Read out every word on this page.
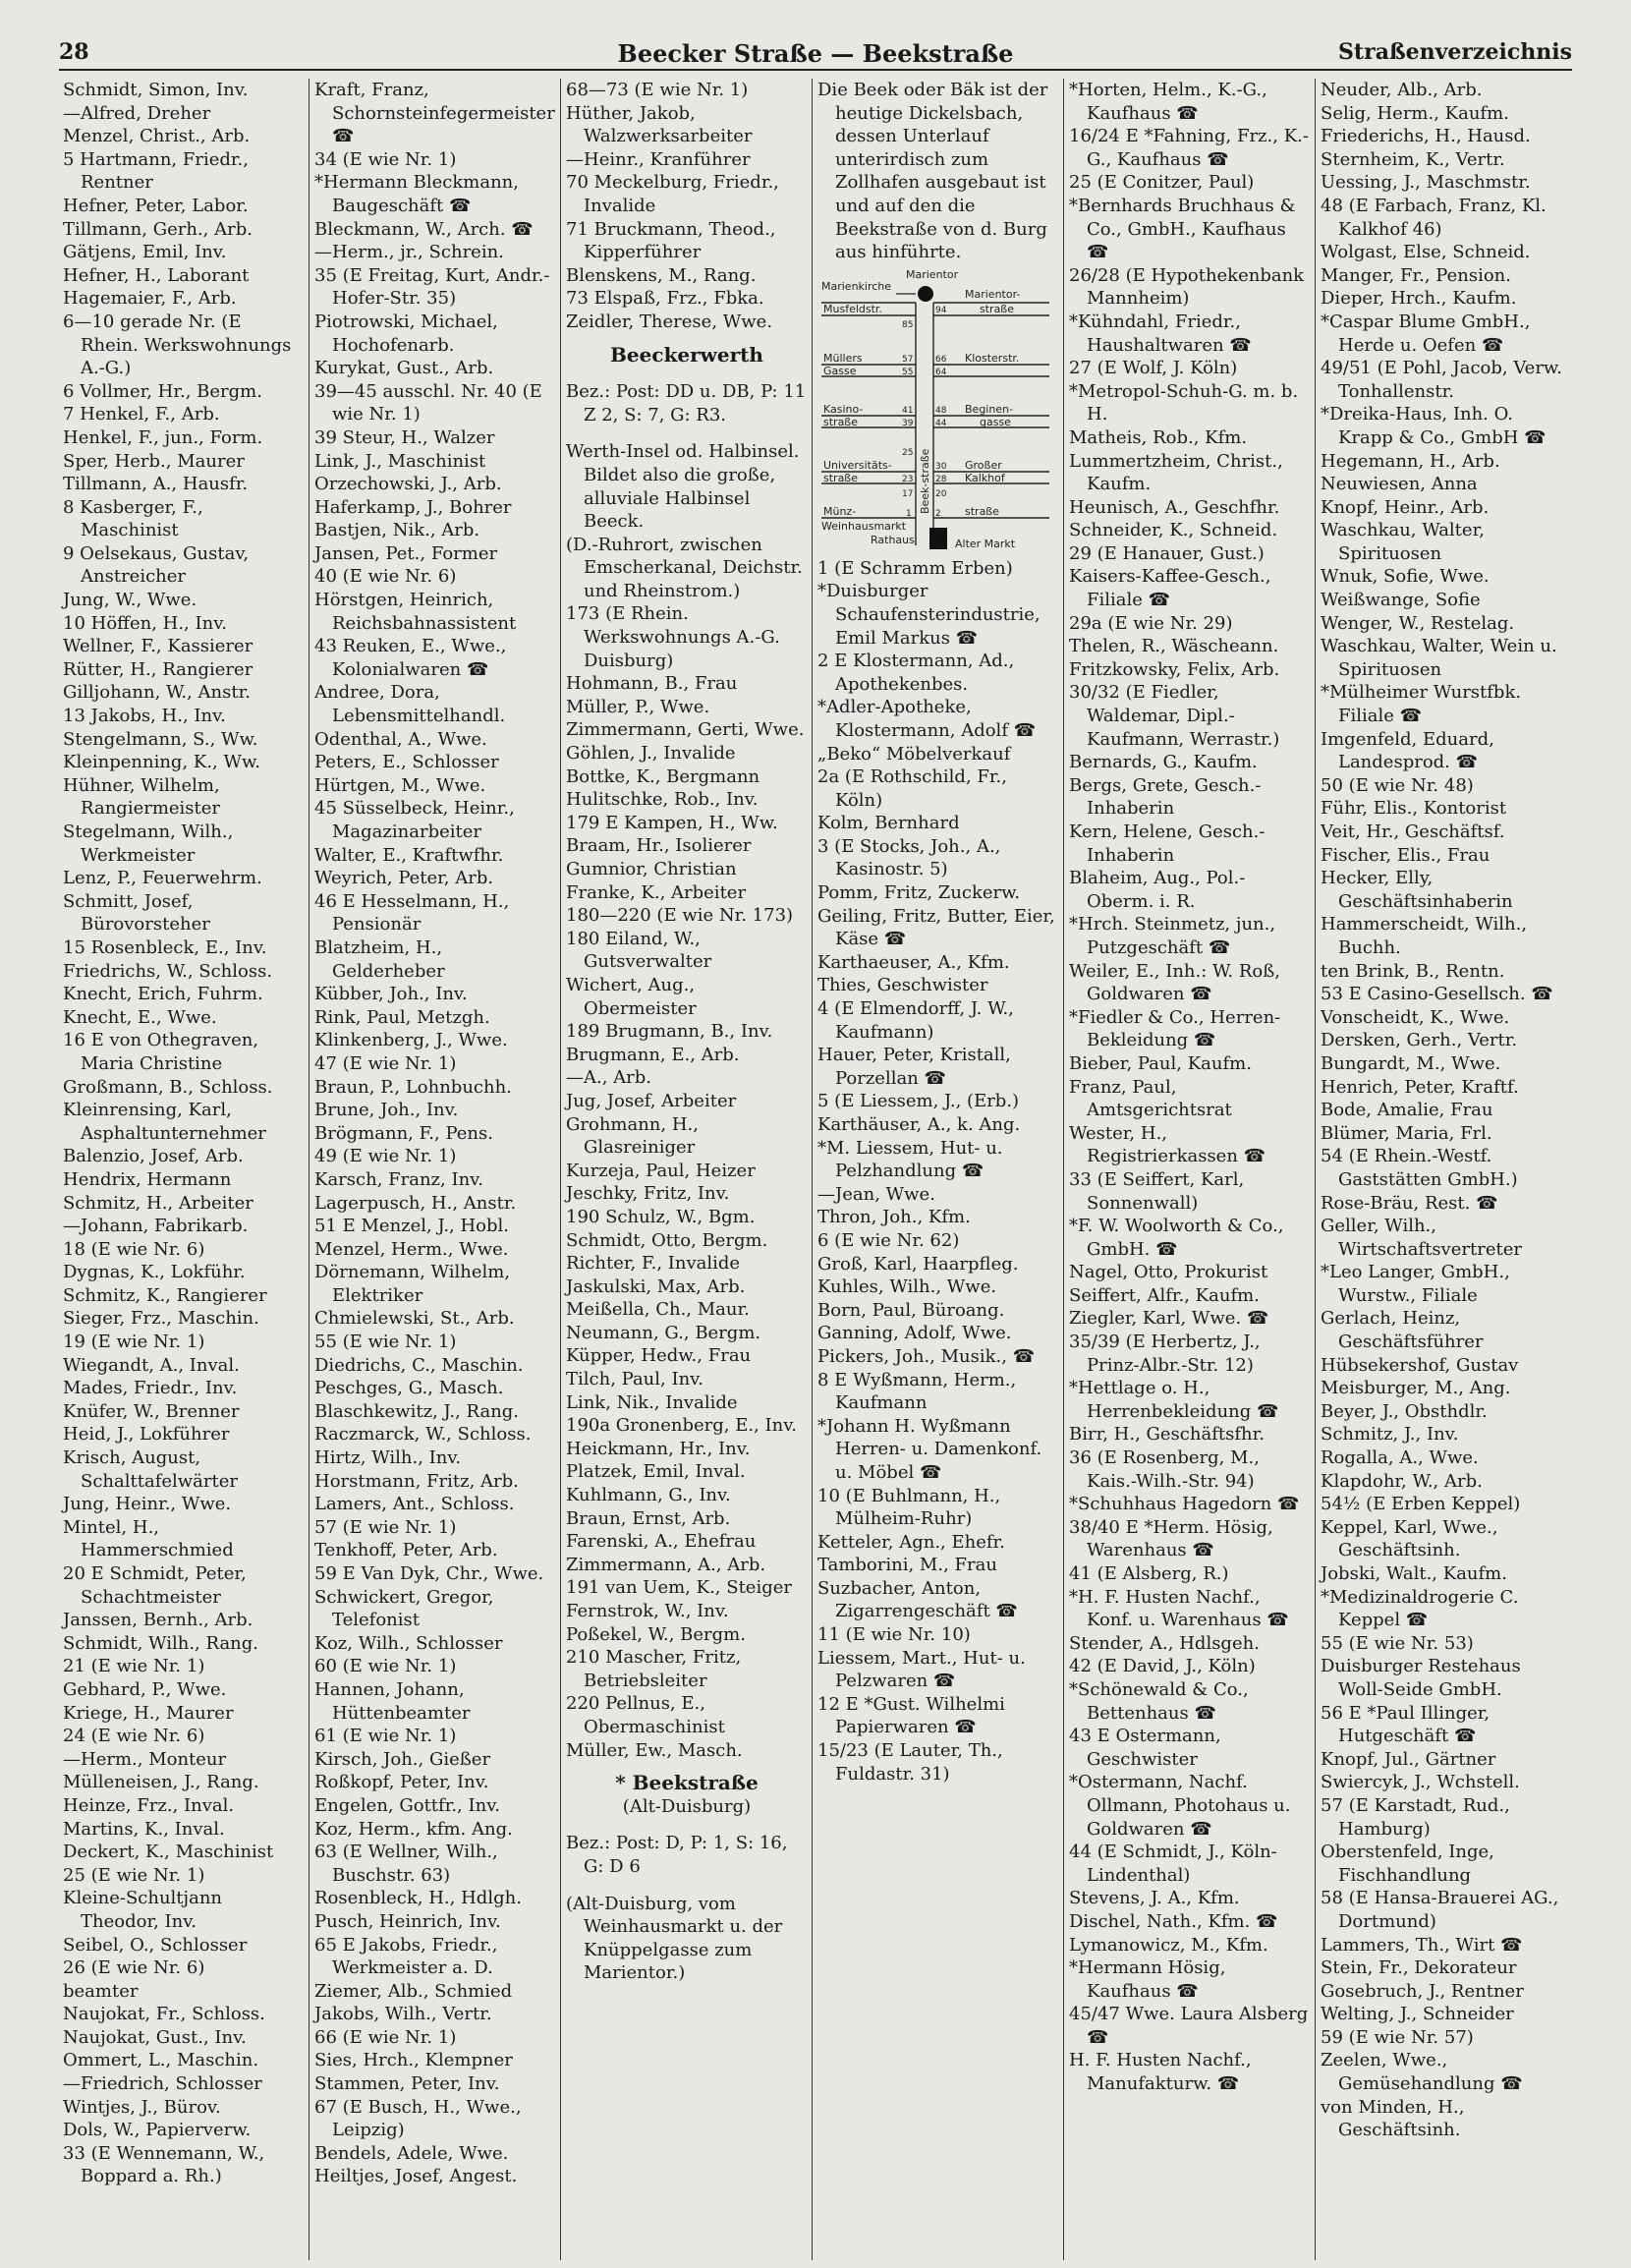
Beecker Straße — Beekstraße
28	Straßenverzeichnis

Schmidt, Simon, Inv.

—Alfred, Dreher

Menzel, Christ., Arb.

5 Hartmann, Friedr., Rentner

Hefner, Peter, Labor.

Tillmann, Gerh., Arb.

Gätjens, Emil, Inv.

Hefner, H., Laborant

Hagemaier, F., Arb.

6—10 gerade Nr. (E Rhein. Werkswohnungs A.-G.)

6 Vollmer, Hr., Bergm.

7 Henkel, F., Arb.

Henkel, F., jun., Form.

Sper, Herb., Maurer

Tillmann, A., Hausfr.

8 Kasberger, F., Maschinist

9 Oelsekaus, Gustav, Anstreicher

Jung, W., Wwe.

10 Höffen, H., Inv.

Wellner, F., Kassierer

Rütter, H., Rangierer

Gilljohann, W., Anstr.

13 Jakobs, H., Inv.

Stengelmann, S., Ww.

Kleinpenning, K., Ww.

Hühner, Wilhelm, Rangiermeister

Stegelmann, Wilh., Werkmeister

Lenz, P., Feuerwehrm.

Schmitt, Josef, Bürovorsteher

15 Rosenbleck, E., Inv.

Friedrichs, W., Schloss.

Knecht, Erich, Fuhrm.

Knecht, E., Wwe.

16 E von Othegraven, Maria Christine

Großmann, B., Schloss.

Kleinrensing, Karl, Asphaltunternehmer

Balenzio, Josef, Arb.

Hendrix, Hermann

Schmitz, H., Arbeiter

—Johann, Fabrikarb.

18 (E wie Nr. 6)

Dygnas, K., Lokführ.

Schmitz, K., Rangierer

Sieger, Frz., Maschin.

19 (E wie Nr. 1)

Wiegandt, A., Inval.

Mades, Friedr., Inv.

Knüfer, W., Brenner

Heid, J., Lokführer

Krisch, August, Schalttafelwärter

Jung, Heinr., Wwe.

Mintel, H., Hammerschmied

20 E Schmidt, Peter, Schachtmeister

Janssen, Bernh., Arb.

Schmidt, Wilh., Rang.

21 (E wie Nr. 1)

Gebhard, P., Wwe.

Kriege, H., Maurer

24 (E wie Nr. 6)

—Herm., Monteur

Mülleneisen, J., Rang.

Heinze, Frz., Inval.

Martins, K., Inval.

Deckert, K., Maschinist

25 (E wie Nr. 1)

Kleine-Schultjann Theodor, Inv.

Seibel, O., Schlosser

26 (E wie Nr. 6)

beamter

Naujokat, Fr., Schloss.

Naujokat, Gust., Inv.

Ommert, L., Maschin.

—Friedrich, Schlosser

Wintjes, J., Bürov.

Dols, W., Papierverw.

33 (E Wennemann, W., Boppard a. Rh.)

Kraft, Franz, Schornsteinfegermeister ☎

34 (E wie Nr. 1)

*Hermann Bleckmann, Baugeschäft ☎

Bleckmann, W., Arch. ☎

—Herm., jr., Schrein.

35 (E Freitag, Kurt, Andr.-Hofer-Str. 35)

Piotrowski, Michael, Hochofenarb.

Kurykat, Gust., Arb.

39—45 ausschl. Nr. 40 (E wie Nr. 1)

39 Steur, H., Walzer

Link, J., Maschinist

Orzechowski, J., Arb.

Haferkamp, J., Bohrer

Bastjen, Nik., Arb.

Jansen, Pet., Former

40 (E wie Nr. 6)

Hörstgen, Heinrich, Reichsbahnassistent

43 Reuken, E., Wwe., Kolonialwaren ☎

Andree, Dora, Lebensmittelhandl.

Odenthal, A., Wwe.

Peters, E., Schlosser

Hürtgen, M., Wwe.

45 Süsselbeck, Heinr., Magazinarbeiter

Walter, E., Kraftwfhr.

Weyrich, Peter, Arb.

46 E Hesselmann, H., Pensionär

Blatzheim, H., Gelderheber

Kübber, Joh., Inv.

Rink, Paul, Metzgh.

Klinkenberg, J., Wwe.

47 (E wie Nr. 1)

Braun, P., Lohnbuchh.

Brune, Joh., Inv.

Brögmann, F., Pens.

49 (E wie Nr. 1)

Karsch, Franz, Inv.

Lagerpusch, H., Anstr.

51 E Menzel, J., Hobl.

Menzel, Herm., Wwe.

Dörnemann, Wilhelm, Elektriker

Chmielewski, St., Arb.

55 (E wie Nr. 1)

Diedrichs, C., Maschin.

Peschges, G., Masch.

Blaschkewitz, J., Rang.

Raczmarck, W., Schloss.

Hirtz, Wilh., Inv.

Horstmann, Fritz, Arb.

Lamers, Ant., Schloss.

57 (E wie Nr. 1)

Tenkhoff, Peter, Arb.

59 E Van Dyk, Chr., Wwe.

Schwickert, Gregor, Telefonist

Koz, Wilh., Schlosser

60 (E wie Nr. 1)

Hannen, Johann, Hüttenbeamter

61 (E wie Nr. 1)

Kirsch, Joh., Gießer

Roßkopf, Peter, Inv.

Engelen, Gottfr., Inv.

Koz, Herm., kfm. Ang.

63 (E Wellner, Wilh., Buschstr. 63)

Rosenbleck, H., Hdlgh.

Pusch, Heinrich, Inv.

65 E Jakobs, Friedr., Werkmeister a. D.

Ziemer, Alb., Schmied

Jakobs, Wilh., Vertr.

66 (E wie Nr. 1)

Sies, Hrch., Klempner

Stammen, Peter, Inv.

67 (E Busch, H., Wwe., Leipzig)

Bendels, Adele, Wwe.

Heiltjes, Josef, Angest.

68—73 (E wie Nr. 1)

Hüther, Jakob, Walzwerksarbeiter

—Heinr., Kranführer

70 Meckelburg, Friedr., Invalide

71 Bruckmann, Theod., Kipperführer

Blenskens, M., Rang.

73 Elspaß, Frz., Fbka.

Zeidler, Therese, Wwe.

Beeckerwerth

Bez.: Post: DD u. DB, P: 11 Z 2, S: 7, G: R3.

Werth-Insel od. Halbinsel. Bildet also die große, alluviale Halbinsel Beeck.

(D.-Ruhrort, zwischen Emscherkanal, Deichstr. und Rheinstrom.)

173 (E Rhein. Werkswohnungs A.-G. Duisburg)

Hohmann, B., Frau

Müller, P., Wwe.

Zimmermann, Gerti, Wwe.

Göhlen, J., Invalide

Bottke, K., Bergmann

Hulitschke, Rob., Inv.

179 E Kampen, H., Ww.

Braam, Hr., Isolierer

Gumnior, Christian

Franke, K., Arbeiter

180—220 (E wie Nr. 173)

180 Eiland, W., Gutsverwalter

Wichert, Aug., Obermeister

189 Brugmann, B., Inv.

Brugmann, E., Arb.

—A., Arb.

Jug, Josef, Arbeiter

Grohmann, H., Glasreiniger

Kurzeja, Paul, Heizer

Jeschky, Fritz, Inv.

190 Schulz, W., Bgm.

Schmidt, Otto, Bergm.

Richter, F., Invalide

Jaskulski, Max, Arb.

Meißella, Ch., Maur.

Neumann, G., Bergm.

Küpper, Hedw., Frau

Tilch, Paul, Inv.

Link, Nik., Invalide

190a Gronenberg, E., Inv.

Heickmann, Hr., Inv.

Platzek, Emil, Inval.

Kuhlmann, G., Inv.

Braun, Ernst, Arb.

Farenski, A., Ehefrau

Zimmermann, A., Arb.

191 van Uem, K., Steiger

Fernstrok, W., Inv.

Poßekel, W., Bergm.

210 Mascher, Fritz, Betriebsleiter

220 Pellnus, E., Obermaschinist

Müller, Ew., Masch.

* Beekstraße

(Alt-Duisburg)

Bez.: Post: D, P: 1, S: 16, G: D 6

(Alt-Duisburg, vom Weinhausmarkt u. der Knüppelgasse zum Marientor.)

Die Beek oder Bäk ist der heutige Dickelsbach, dessen Unterlauf unterirdisch zum Zollhafen ausgebaut ist und auf den die Beekstraße von d. Burg aus hinführte.

Marientor
Marienkirche
Marientor-
straße
Musfeldstr.
Müllers
Gasse
Klosterstr.
Kasino-
straße
Beginen-
gasse
Universitäts-
straße
Großer
Kalkhof
Münz-	straße
Beek-straße
Weinhausmarkt
Rathaus	Alter Markt
85
94
57	66
55	64
41	48
39	44
25
30
23	28
17	20
1	2

1 (E Schramm Erben)

*Duisburger Schaufensterindustrie, Emil Markus ☎

2 E Klostermann, Ad., Apothekenbes.

*Adler-Apotheke, Klostermann, Adolf ☎

„Beko“ Möbelverkauf

2a (E Rothschild, Fr., Köln)

Kolm, Bernhard

3 (E Stocks, Joh., A., Kasinostr. 5)

Pomm, Fritz, Zuckerw.

Geiling, Fritz, Butter, Eier, Käse ☎

Karthaeuser, A., Kfm.

Thies, Geschwister

4 (E Elmendorff, J. W., Kaufmann)

Hauer, Peter, Kristall, Porzellan ☎

5 (E Liessem, J., (Erb.)

Karthäuser, A., k. Ang.

*M. Liessem, Hut- u. Pelzhandlung ☎

—Jean, Wwe.

Thron, Joh., Kfm.

6 (E wie Nr. 62)

Groß, Karl, Haarpfleg.

Kuhles, Wilh., Wwe.

Born, Paul, Büroang.

Ganning, Adolf, Wwe.

Pickers, Joh., Musik., ☎

8 E Wyßmann, Herm., Kaufmann

*Johann H. Wyßmann Herren- u. Damenkonf. u. Möbel ☎

10 (E Buhlmann, H., Mülheim-Ruhr)

Ketteler, Agn., Ehefr.

Tamborini, M., Frau

Suzbacher, Anton, Zigarrengeschäft ☎

11 (E wie Nr. 10)

Liessem, Mart., Hut- u. Pelzwaren ☎

12 E *Gust. Wilhelmi Papierwaren ☎

15/23 (E Lauter, Th., Fuldastr. 31)

*Horten, Helm., K.-G., Kaufhaus ☎

16/24 E *Fahning, Frz., K.-G., Kaufhaus ☎

25 (E Conitzer, Paul)

*Bernhards Bruchhaus & Co., GmbH., Kaufhaus ☎

26/28 (E Hypothekenbank Mannheim)

*Kühndahl, Friedr., Haushaltwaren ☎

27 (E Wolf, J. Köln)

*Metropol-Schuh-G. m. b. H.

Matheis, Rob., Kfm.

Lummertzheim, Christ., Kaufm.

Heunisch, A., Geschfhr.

Schneider, K., Schneid.

29 (E Hanauer, Gust.)

Kaisers-Kaffee-Gesch., Filiale ☎

29a (E wie Nr. 29)

Thelen, R., Wäscheann.

Fritzkowsky, Felix, Arb.

30/32 (E Fiedler, Waldemar, Dipl.-Kaufmann, Werrastr.)

Bernards, G., Kaufm.

Bergs, Grete, Gesch.-Inhaberin

Kern, Helene, Gesch.-Inhaberin

Blaheim, Aug., Pol.-Oberm. i. R.

*Hrch. Steinmetz, jun., Putzgeschäft ☎

Weiler, E., Inh.: W. Roß, Goldwaren ☎

*Fiedler & Co., Herren-Bekleidung ☎

Bieber, Paul, Kaufm.

Franz, Paul, Amtsgerichtsrat

Wester, H., Registrierkassen ☎

33 (E Seiffert, Karl, Sonnenwall)

*F. W. Woolworth & Co., GmbH. ☎

Nagel, Otto, Prokurist

Seiffert, Alfr., Kaufm.

Ziegler, Karl, Wwe. ☎

35/39 (E Herbertz, J., Prinz-Albr.-Str. 12)

*Hettlage o. H., Herrenbekleidung ☎

Birr, H., Geschäftsfhr.

36 (E Rosenberg, M., Kais.-Wilh.-Str. 94)

*Schuhhaus Hagedorn ☎

38/40 E *Herm. Hösig, Warenhaus ☎

41 (E Alsberg, R.)

*H. F. Husten Nachf., Konf. u. Warenhaus ☎

Stender, A., Hdlsgeh.

42 (E David, J., Köln)

*Schönewald & Co., Bettenhaus ☎

43 E Ostermann, Geschwister

*Ostermann, Nachf. Ollmann, Photohaus u. Goldwaren ☎

44 (E Schmidt, J., Köln-Lindenthal)

Stevens, J. A., Kfm.

Dischel, Nath., Kfm. ☎

Lymanowicz, M., Kfm.

*Hermann Hösig, Kaufhaus ☎

45/47 Wwe. Laura Alsberg ☎

H. F. Husten Nachf., Manufakturw. ☎

Neuder, Alb., Arb.

Selig, Herm., Kaufm.

Friederichs, H., Hausd.

Sternheim, K., Vertr.

Uessing, J., Maschmstr.

48 (E Farbach, Franz, Kl. Kalkhof 46)

Wolgast, Else, Schneid.

Manger, Fr., Pension.

Dieper, Hrch., Kaufm.

*Caspar Blume GmbH., Herde u. Oefen ☎

49/51 (E Pohl, Jacob, Verw. Tonhallenstr.

*Dreika-Haus, Inh. O. Krapp & Co., GmbH ☎

Hegemann, H., Arb.

Neuwiesen, Anna

Knopf, Heinr., Arb.

Waschkau, Walter, Spirituosen

Wnuk, Sofie, Wwe.

Weißwange, Sofie

Wenger, W., Restelag.

Waschkau, Walter, Wein u. Spirituosen

*Mülheimer Wurstfbk. Filiale ☎

Imgenfeld, Eduard, Landesprod. ☎

50 (E wie Nr. 48)

Führ, Elis., Kontorist

Veit, Hr., Geschäftsf.

Fischer, Elis., Frau

Hecker, Elly, Geschäftsinhaberin

Hammerscheidt, Wilh., Buchh.

ten Brink, B., Rentn.

53 E Casino-Gesellsch. ☎

Vonscheidt, K., Wwe.

Dersken, Gerh., Vertr.

Bungardt, M., Wwe.

Henrich, Peter, Kraftf.

Bode, Amalie, Frau

Blümer, Maria, Frl.

54 (E Rhein.-Westf. Gaststätten GmbH.)

Rose-Bräu, Rest. ☎

Geller, Wilh., Wirtschaftsvertreter

*Leo Langer, GmbH., Wurstw., Filiale

Gerlach, Heinz, Geschäftsführer

Hübsekershof, Gustav

Meisburger, M., Ang.

Beyer, J., Obsthdlr.

Schmitz, J., Inv.

Rogalla, A., Wwe.

Klapdohr, W., Arb.

54½ (E Erben Keppel)

Keppel, Karl, Wwe., Geschäftsinh.

Jobski, Walt., Kaufm.

*Medizinaldrogerie C. Keppel ☎

55 (E wie Nr. 53)

Duisburger Restehaus Woll-Seide GmbH.

56 E *Paul Illinger, Hutgeschäft ☎

Knopf, Jul., Gärtner

Swiercyk, J., Wchstell.

57 (E Karstadt, Rud., Hamburg)

Oberstenfeld, Inge, Fischhandlung

58 (E Hansa-Brauerei AG., Dortmund)

Lammers, Th., Wirt ☎

Stein, Fr., Dekorateur

Gosebruch, J., Rentner

Welting, J., Schneider

59 (E wie Nr. 57)

Zeelen, Wwe., Gemüsehandlung ☎

von Minden, H., Geschäftsinh.
